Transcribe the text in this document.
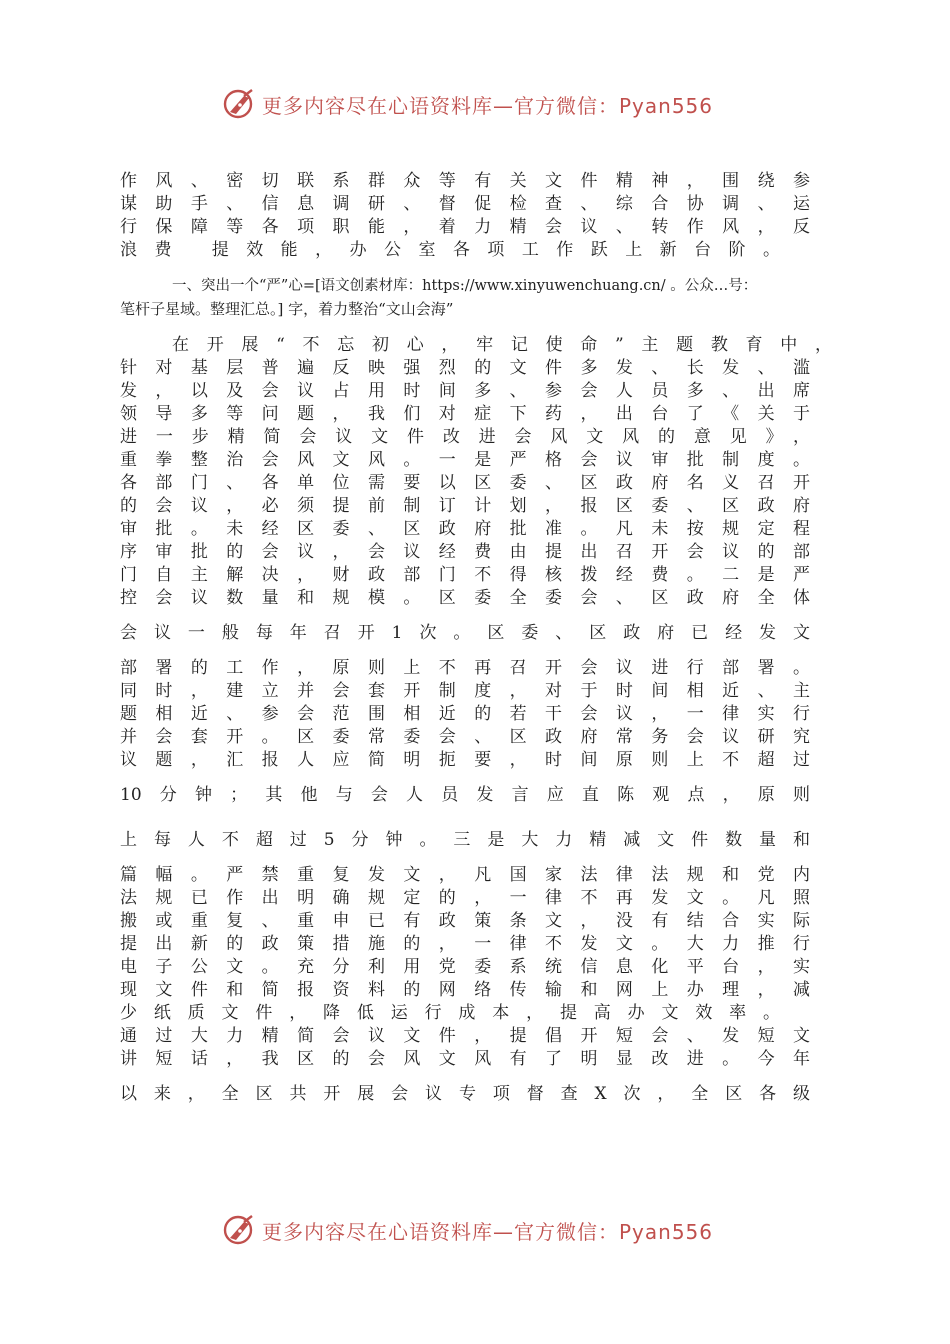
更多内容尽在心语资料库—官方微信：Pyan556
作风、密切联系群众等有关文件精神，围绕参
谋助手、信息调研、督促检查、综合协调、运
行保障等各项职能，着力精会议、转作风，反
浪费 提效能，办公室各项工作跃上新台阶。
一、突出一个“严”心=[语文创素材库：https://www.xinyuwenchuang.cn/ 。公众…号：
笔杆子星域。整理汇总。] 字，着力整治“文山会海”
在开展“不忘初心，牢记使命”主题教育中，
针对基层普遍反映强烈的文件多发、长发、滥
发，以及会议占用时间多、参会人员多、出席
领导多等问题，我们对症下药，出台了《关于
进一步精简会议文件改进会风文风的意见》，
重拳整治会风文风。一是严格会议审批制度。
各部门、各单位需要以区委、区政府名义召开
的会议，必须提前制订计划，报区委、区政府
审批。未经区委、区政府批准。凡未按规定程
序审批的会议，会议经费由提出召开会议的部
门自主解决，财政部门不得核拨经费。二是严
控会议数量和规模。区委全委会、区政府全体
会议一般每年召开1次。区委、区政府已经发文
部署的工作，原则上不再召开会议进行部署。
同时，建立并会套开制度，对于时间相近、主
题相近、参会范围相近的若干会议，一律实行
并会套开。区委常委会、区政府常务会议研究
议题，汇报人应简明扼要，时间原则上不超过
10分钟；其他与会人员发言应直陈观点，原则
上每人不超过5分钟。三是大力精减文件数量和
篇幅。严禁重复发文，凡国家法律法规和党内
法规已作出明确规定的，一律不再发文。凡照
搬或重复、重申已有政策条文，没有结合实际
提出新的政策措施的，一律不发文。大力推行
电子公文。充分利用党委系统信息化平台，实
现文件和简报资料的网络传输和网上办理，减
少纸质文件，降低运行成本，提高办文效率。
通过大力精简会议文件，提倡开短会、发短文
讲短话，我区的会风文风有了明显改进。今年
以来，全区共开展会议专项督查X次，全区各级
更多内容尽在心语资料库—官方微信：Pyan556
